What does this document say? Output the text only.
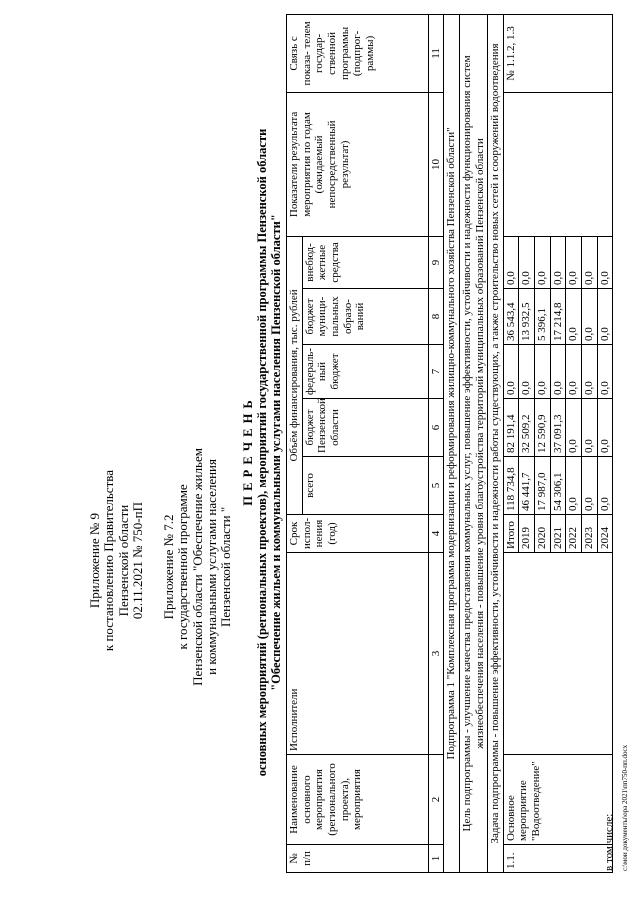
Приложение № 9 к постановлению Правительства Пензенской области 02.11.2021 № 750-пП Приложение № 7.2 к государственной программе Пензенской области "Обеспечение жильем и коммунальными услугами населения Пензенской области "
П Е Р Е Ч Е Н Ь основных мероприятий (региональных проектов), мероприятий государственной программы Пензенской области "Обеспечение жильем и коммунальными услугами населения Пензенской области"
№ п/п	Наименование основного мероприятия (регионального проекта), мероприятия	Исполнители	Срок испол- нения (год)	Объём финансирования, тыс. рублей					Показатели результата мероприятия по годам (ожидаемый непосредственный результат)	Связь с показа- телем государ- ственной программы (подпрог- раммы)
				всего	бюджет Пензенской области	федераль- ный бюджет	бюджет муници- пальных образо- ваний	внебюд- жетные средства		
1	2	3	4	5	6	7	8	9	10	11
Подпрограмма 1 "Комплексная программа модернизации и реформирования жилищно-коммунального хозяйства Пензенской области"										
Цель подпрограммы - улучшение качества предоставления коммунальных услуг, повышение эффективности, устойчивости и надежности функционирования систем жизнеобеспечения населения - повышение уровня благоустройства территорий муниципальных образований Пензенской области										
Задача подпрограммы - повышение эффективности, устойчивости и надежности работы существующих, а также строительство новых сетей и сооружений водоотведения										
1.1.	Основное мероприятие "Водоотведение"		Итого	118 734,8	82 191,4	0,0	36 543,4	0,0		№ 1.1.2, 1.3
			2019	46 441,7	32 509,2	0,0	13 932,5	0,0		
			2020	17 987,0	12 590,9	0,0	5 396,1	0,0		
			2021	54 306,1	37 091,3	0,0	17 214,8	0,0		
			2022	0,0	0,0	0,0	0,0	0,0		
			2023	0,0	0,0	0,0	0,0	0,0		
			2024	0,0	0,0	0,0	0,0	0,0		
в том числе: c:\мои документы\ора 2021\пп750-пп.docx
